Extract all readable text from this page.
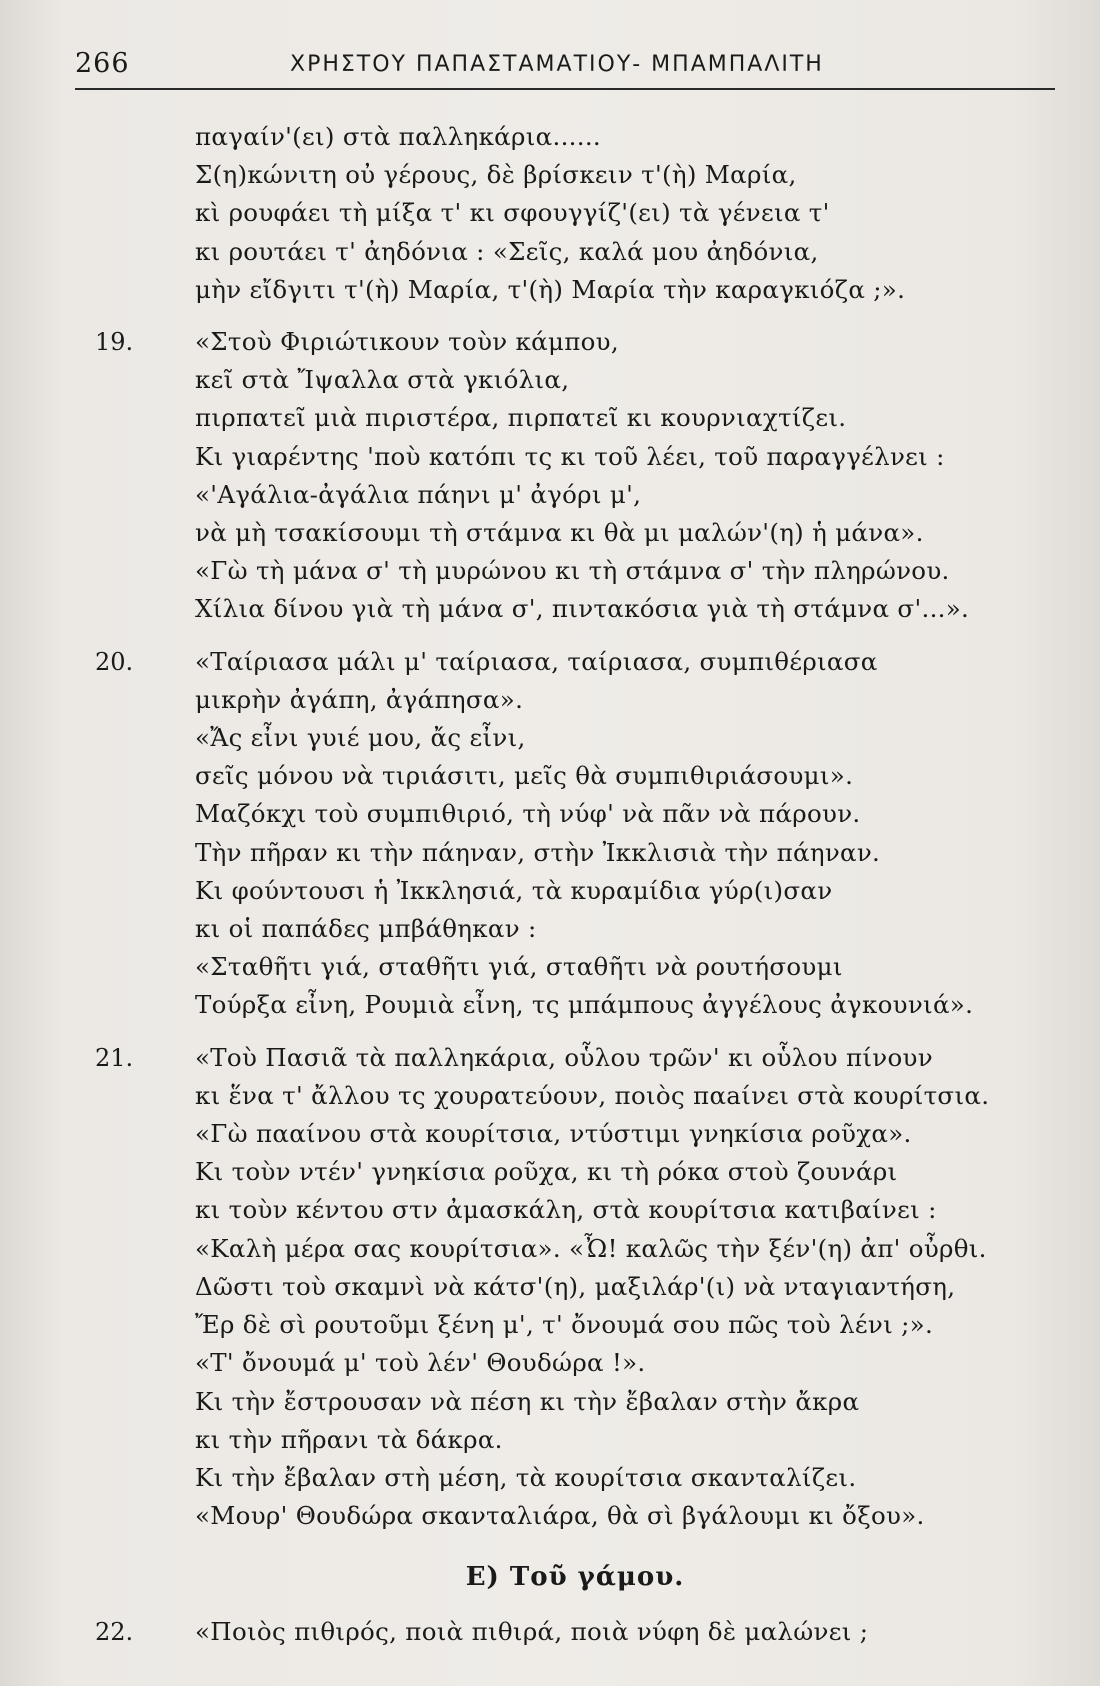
266	ΧΡΗΣΤΟΥ ΠΑΠΑΣΤΑΜΑΤΙΟΥ- ΜΠΑΜΠΑΛΙΤΗ
παγαίν'(ει) στὰ παλληκάρια......
Σ(η)κώνιτη οὐ γέρους, δὲ βρίσκειν τ'(ὴ) Μαρία,
κὶ ρουφάει τὴ μίξα τ' κι σφουγγίζ'(ει) τὰ γένεια τ'
κι ρουτάει τ' ἀηδόνια : «Σεῖς, καλά μου ἀηδόνια,
μὴν εἴδγιτι τ'(ὴ) Μαρία, τ'(ὴ) Μαρία τὴν καραγκιόζα ;».
19.	«Στοὺ Φιριώτικουν τοὺν κάμπου,
κεῖ στὰ Ἴψαλλα στὰ γκιόλια,
πιρπατεῖ μιὰ πιριστέρα, πιρπατεῖ κι κουρνιαχτίζει.
Κι γιαρέντης 'ποὺ κατόπι τς κι τοῦ λέει, τοῦ παραγγέλνει :
«'Αγάλια-ἀγάλια πάηνι μ' ἀγόρι μ',
νὰ μὴ τσακίσουμι τὴ στάμνα κι θὰ μι μαλών'(η) ἡ μάνα».
«Γὼ τὴ μάνα σ' τὴ μυρώνου κι τὴ στάμνα σ' τὴν πληρώνου.
Χίλια δίνου γιὰ τὴ μάνα σ', πιντακόσια γιὰ τὴ στάμνα σ'...».
20.	«Ταίριασα μάλι μ' ταίριασα, ταίριασα, συμπιθέριασα
μικρὴν ἀγάπη, ἀγάπησα».
«Ἄς εἶνι γυιέ μου, ἄς εἶνι,
σεῖς μόνου νὰ τιριάσιτι, μεῖς θὰ συμπιθιριάσουμι».
Μαζόκχι τοὺ συμπιθιριό, τὴ νύφ' νὰ πᾶν νὰ πάρουν.
Τὴν πῆραν κι τὴν πάηναν, στὴν Ἰκκλισιὰ τὴν πάηναν.
Κι φούντουσι ἡ Ἰκκλησιά, τὰ κυραμίδια γύρ(ι)σαν
κι οἱ παπάδες μπβάθηκαν :
«Σταθῆτι γιά, σταθῆτι γιά, σταθῆτι νὰ ρουτήσουμι
Τούρξα εἶνη, Ρουμιὰ εἶνη, τς μπάμπους ἀγγέλους ἀγκουνιά».
21.	«Τοὺ Πασιᾶ τὰ παλληκάρια, οὗλου τρῶν' κι οὗλου πίνουν
κι ἕνα τ' ἄλλου τς χουρατεύουν, ποιὸς παаίνει στὰ κουρίτσια.
«Γὼ πααίνου στὰ κουρίτσια, ντύστιμι γνηκίσια ροῦχα».
Κι τοὺν ντέν' γνηκίσια ροῦχα, κι τὴ ρόκα στοὺ ζουνάρι
κι τοὺν κέντου στν ἀμασκάλη, στὰ κουρίτσια κατιβαίνει :
«Καλὴ μέρα σας κουρίτσια». «Ὦ! καλῶς τὴν ξέν'(η) ἀπ' οὖρθι.
Δῶστι τοὺ σκαμνὶ νὰ κάτσ'(η), μαξιλάρ'(ι) νὰ νταγιαντήση,
Ἔρ δὲ σὶ ρουτοῦμι ξένη μ', τ' ὄνουμά σου πῶς τοὺ λένι ;».
«Τ' ὄνουμά μ' τοὺ λέν' Θουδώρα !».
Κι τὴν ἔστρουσαν νὰ πέση κι τὴν ἔβαλαν στὴν ἄκρα
κι τὴν πῆρανι τὰ δάκρα.
Κι τὴν ἔβαλαν στὴ μέση, τὰ κουρίτσια σκανταλίζει.
«Μουρ' Θουδώρα σκανταλιάρα, θὰ σὶ βγάλουμι κι ὄξου».
Ε) Τοῦ γάμου.
22.	«Ποιὸς πιθιρός, ποιὰ πιθιρά, ποιὰ νύφη δὲ μαλώνει ;
